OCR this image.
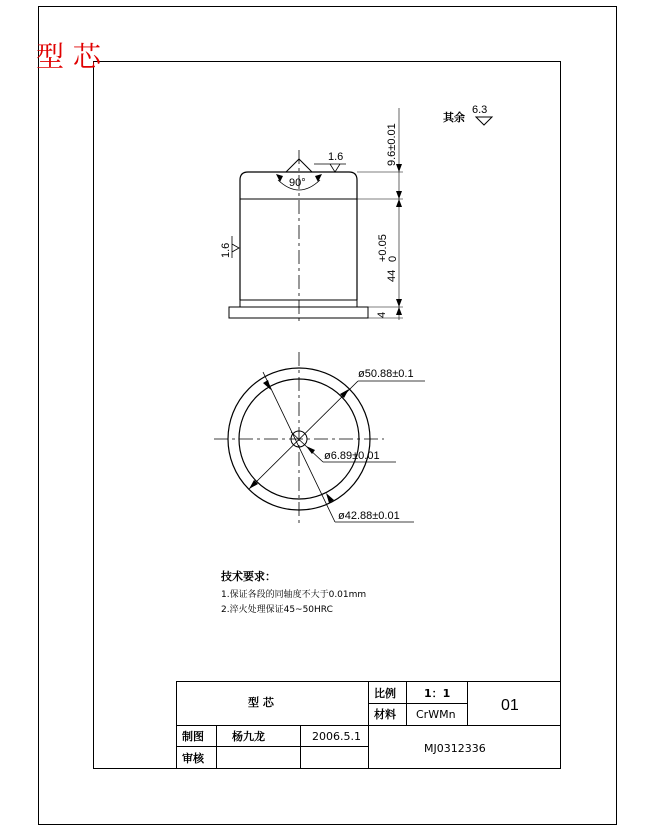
型 芯
其余
6.3
90°
1.6
1.6
9.6±0.01
44
+0.05
0
4
ø50.88±0.1
ø42.88±0.01
ø6.89±0.01
技术要求：
1.保证各段的同轴度不大于0.01mm
2.淬火处理保证45~50HRC
型 芯
比例	1：1
材料 CrWMn
01
制图	杨九龙	2006.5.1
审核
MJ0312336
